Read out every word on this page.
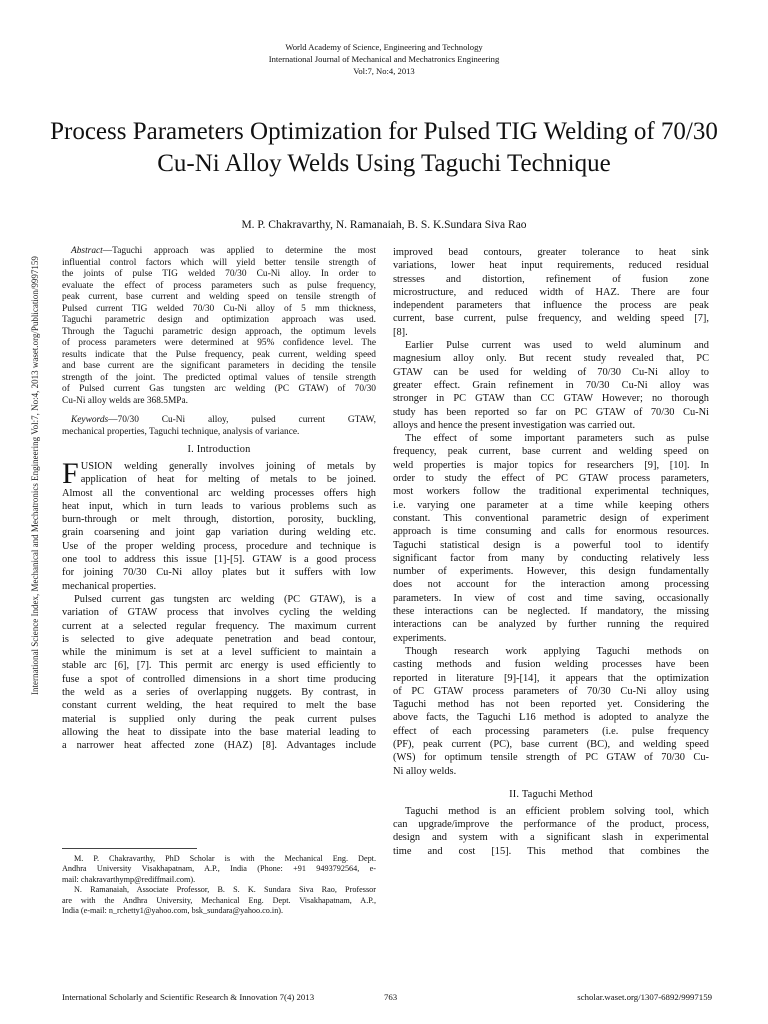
World Academy of Science, Engineering and Technology
International Journal of Mechanical and Mechatronics Engineering
Vol:7, No:4, 2013
Process Parameters Optimization for Pulsed TIG Welding of 70/30 Cu-Ni Alloy Welds Using Taguchi Technique
M. P. Chakravarthy, N. Ramanaiah, B. S. K.Sundara Siva Rao
International Science Index, Mechanical and Mechatronics Engineering Vol:7, No:4, 2013 waset.org/Publication/9997159
Abstract—Taguchi approach was applied to determine the most
influential control factors which will yield better tensile strength of
the joints of pulse TIG welded 70/30 Cu-Ni alloy. In order to
evaluate the effect of process parameters such as pulse frequency,
peak current, base current and welding speed on tensile strength of
Pulsed current TIG welded 70/30 Cu-Ni alloy of 5 mm thickness,
Taguchi parametric design and optimization approach was used.
Through the Taguchi parametric design approach, the optimum levels
of process parameters were determined at 95% confidence level. The
results indicate that the Pulse frequency, peak current, welding speed
and base current are the significant parameters in deciding the tensile
strength of the joint. The predicted optimal values of tensile strength
of Pulsed current Gas tungsten arc welding (PC GTAW) of 70/30
Cu-Ni alloy welds are 368.5MPa.
Keywords—70/30 Cu-Ni alloy, pulsed current GTAW,
mechanical properties, Taguchi technique, analysis of variance.
I. Introduction
F USION welding generally involves joining of metals by
application of heat for melting of metals to be joined.
Almost all the conventional arc welding processes offers high
heat input, which in turn leads to various problems such as
burn-through or melt through, distortion, porosity, buckling,
grain coarsening and joint gap variation during welding etc.
Use of the proper welding process, procedure and technique is
one tool to address this issue [1]-[5]. GTAW is a good process
for joining 70/30 Cu-Ni alloy plates but it suffers with low
mechanical properties.
Pulsed current gas tungsten arc welding (PC GTAW), is a
variation of GTAW process that involves cycling the welding
current at a selected regular frequency. The maximum current
is selected to give adequate penetration and bead contour,
while the minimum is set at a level sufficient to maintain a
stable arc [6], [7]. This permit arc energy is used efficiently to
fuse a spot of controlled dimensions in a short time producing
the weld as a series of overlapping nuggets. By contrast, in
constant current welding, the heat required to melt the base
material is supplied only during the peak current pulses
allowing the heat to dissipate into the base material leading to
a narrower heat affected zone (HAZ) [8]. Advantages include
M. P. Chakravarthy, PhD Scholar is with the Mechanical Eng. Dept.
Andhra University Visakhapatnam, A.P., India (Phone: +91 9493792564, e-
mail: chakravarthymp@rediffmail.com).
N. Ramanaiah, Associate Professor, B. S. K. Sundara Siva Rao, Professor
are with the Andhra University, Mechanical Eng. Dept. Visakhapatnam, A.P.,
India (e-mail: n_rchetty1@yahoo.com, bsk_sundara@yahoo.co.in).
improved bead contours, greater tolerance to heat sink
variations, lower heat input requirements, reduced residual
stresses and distortion, refinement of fusion zone
microstructure, and reduced width of HAZ. There are four
independent parameters that influence the process are peak
current, base current, pulse frequency, and welding speed [7],
[8].
Earlier Pulse current was used to weld aluminum and
magnesium alloy only. But recent study revealed that, PC
GTAW can be used for welding of 70/30 Cu-Ni alloy to
greater effect. Grain refinement in 70/30 Cu-Ni alloy was
stronger in PC GTAW than CC GTAW However; no thorough
study has been reported so far on PC GTAW of 70/30 Cu-Ni
alloys and hence the present investigation was carried out.
The effect of some important parameters such as pulse
frequency, peak current, base current and welding speed on
weld properties is major topics for researchers [9], [10]. In
order to study the effect of PC GTAW process parameters,
most workers follow the traditional experimental techniques,
i.e. varying one parameter at a time while keeping others
constant. This conventional parametric design of experiment
approach is time consuming and calls for enormous resources.
Taguchi statistical design is a powerful tool to identify
significant factor from many by conducting relatively less
number of experiments. However, this design fundamentally
does not account for the interaction among processing
parameters. In view of cost and time saving, occasionally
these interactions can be neglected. If mandatory, the missing
interactions can be analyzed by further running the required
experiments.
Though research work applying Taguchi methods on
casting methods and fusion welding processes have been
reported in literature [9]-[14], it appears that the optimization
of PC GTAW process parameters of 70/30 Cu-Ni alloy using
Taguchi method has not been reported yet. Considering the
above facts, the Taguchi L16 method is adopted to analyze the
effect of each processing parameters (i.e. pulse frequency
(PF), peak current (PC), base current (BC), and welding speed
(WS) for optimum tensile strength of PC GTAW of 70/30 Cu-
Ni alloy welds.
II. Taguchi Method
Taguchi method is an efficient problem solving tool, which
can upgrade/improve the performance of the product, process,
design and system with a significant slash in experimental
time and cost [15]. This method that combines the
International Scholarly and Scientific Research & Innovation 7(4) 2013	763	scholar.waset.org/1307-6892/9997159
